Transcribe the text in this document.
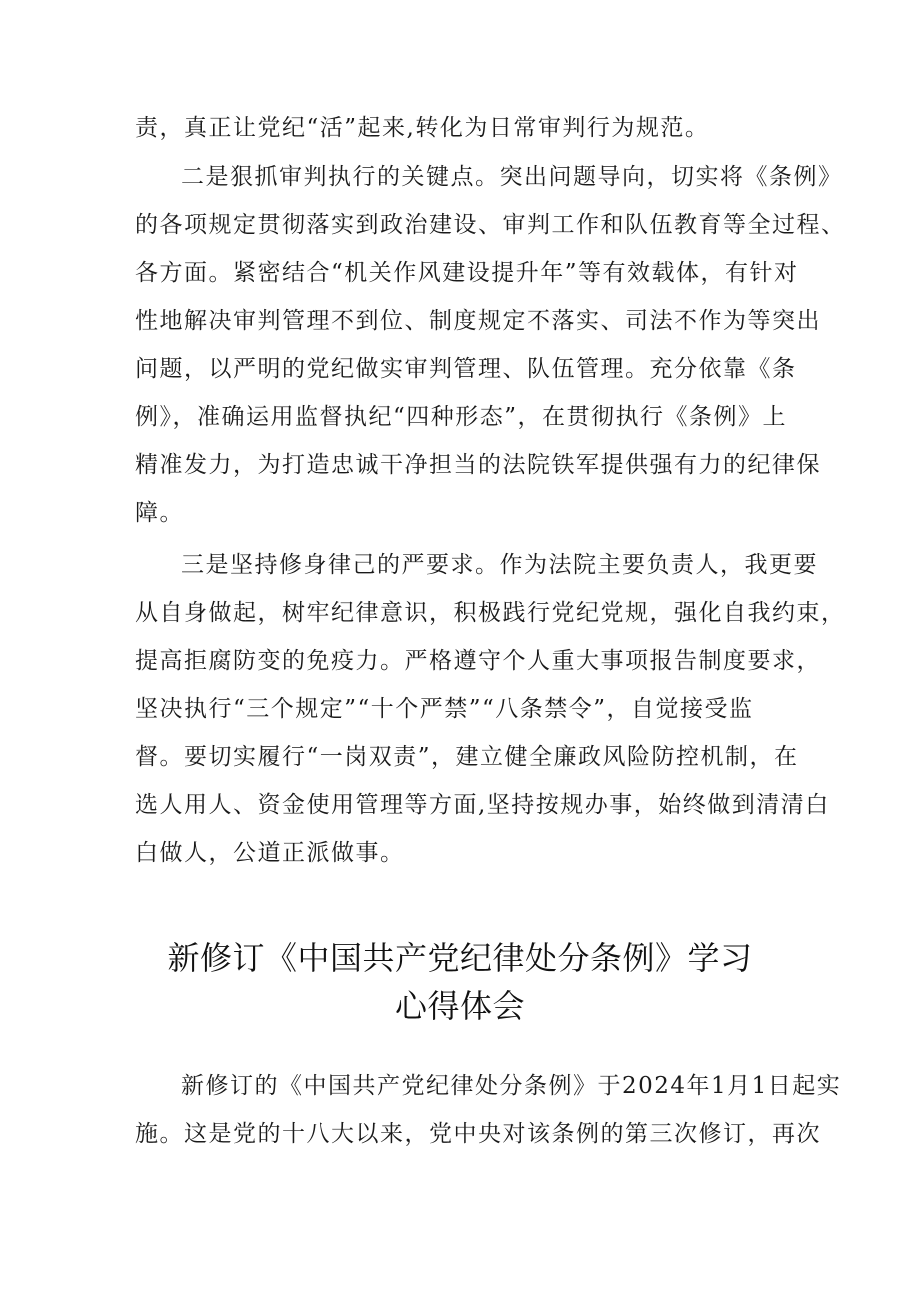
责，真正让党纪“活”起来,转化为日常审判行为规范。
二是狠抓审判执行的关键点。突出问题导向，切实将《条例》
的各项规定贯彻落实到政治建设、审判工作和队伍教育等全过程、
各方面。紧密结合“机关作风建设提升年”等有效载体，有针对
性地解决审判管理不到位、制度规定不落实、司法不作为等突出
问题，以严明的党纪做实审判管理、队伍管理。充分依靠《条
例》，准确运用监督执纪“四种形态”，在贯彻执行《条例》上
精准发力，为打造忠诚干净担当的法院铁军提供强有力的纪律保
障。
三是坚持修身律己的严要求。作为法院主要负责人，我更要
从自身做起，树牢纪律意识，积极践行党纪党规，强化自我约束，
提高拒腐防变的免疫力。严格遵守个人重大事项报告制度要求，
坚决执行“三个规定”“十个严禁”“八条禁令”，自觉接受监
督。要切实履行“一岗双责”，建立健全廉政风险防控机制，在
选人用人、资金使用管理等方面,坚持按规办事，始终做到清清白
白做人，公道正派做事。
新修订《中国共产党纪律处分条例》学习
心得体会
新修订的《中国共产党纪律处分条例》于2024年1月1日起实
施。这是党的十八大以来，党中央对该条例的第三次修订，再次
